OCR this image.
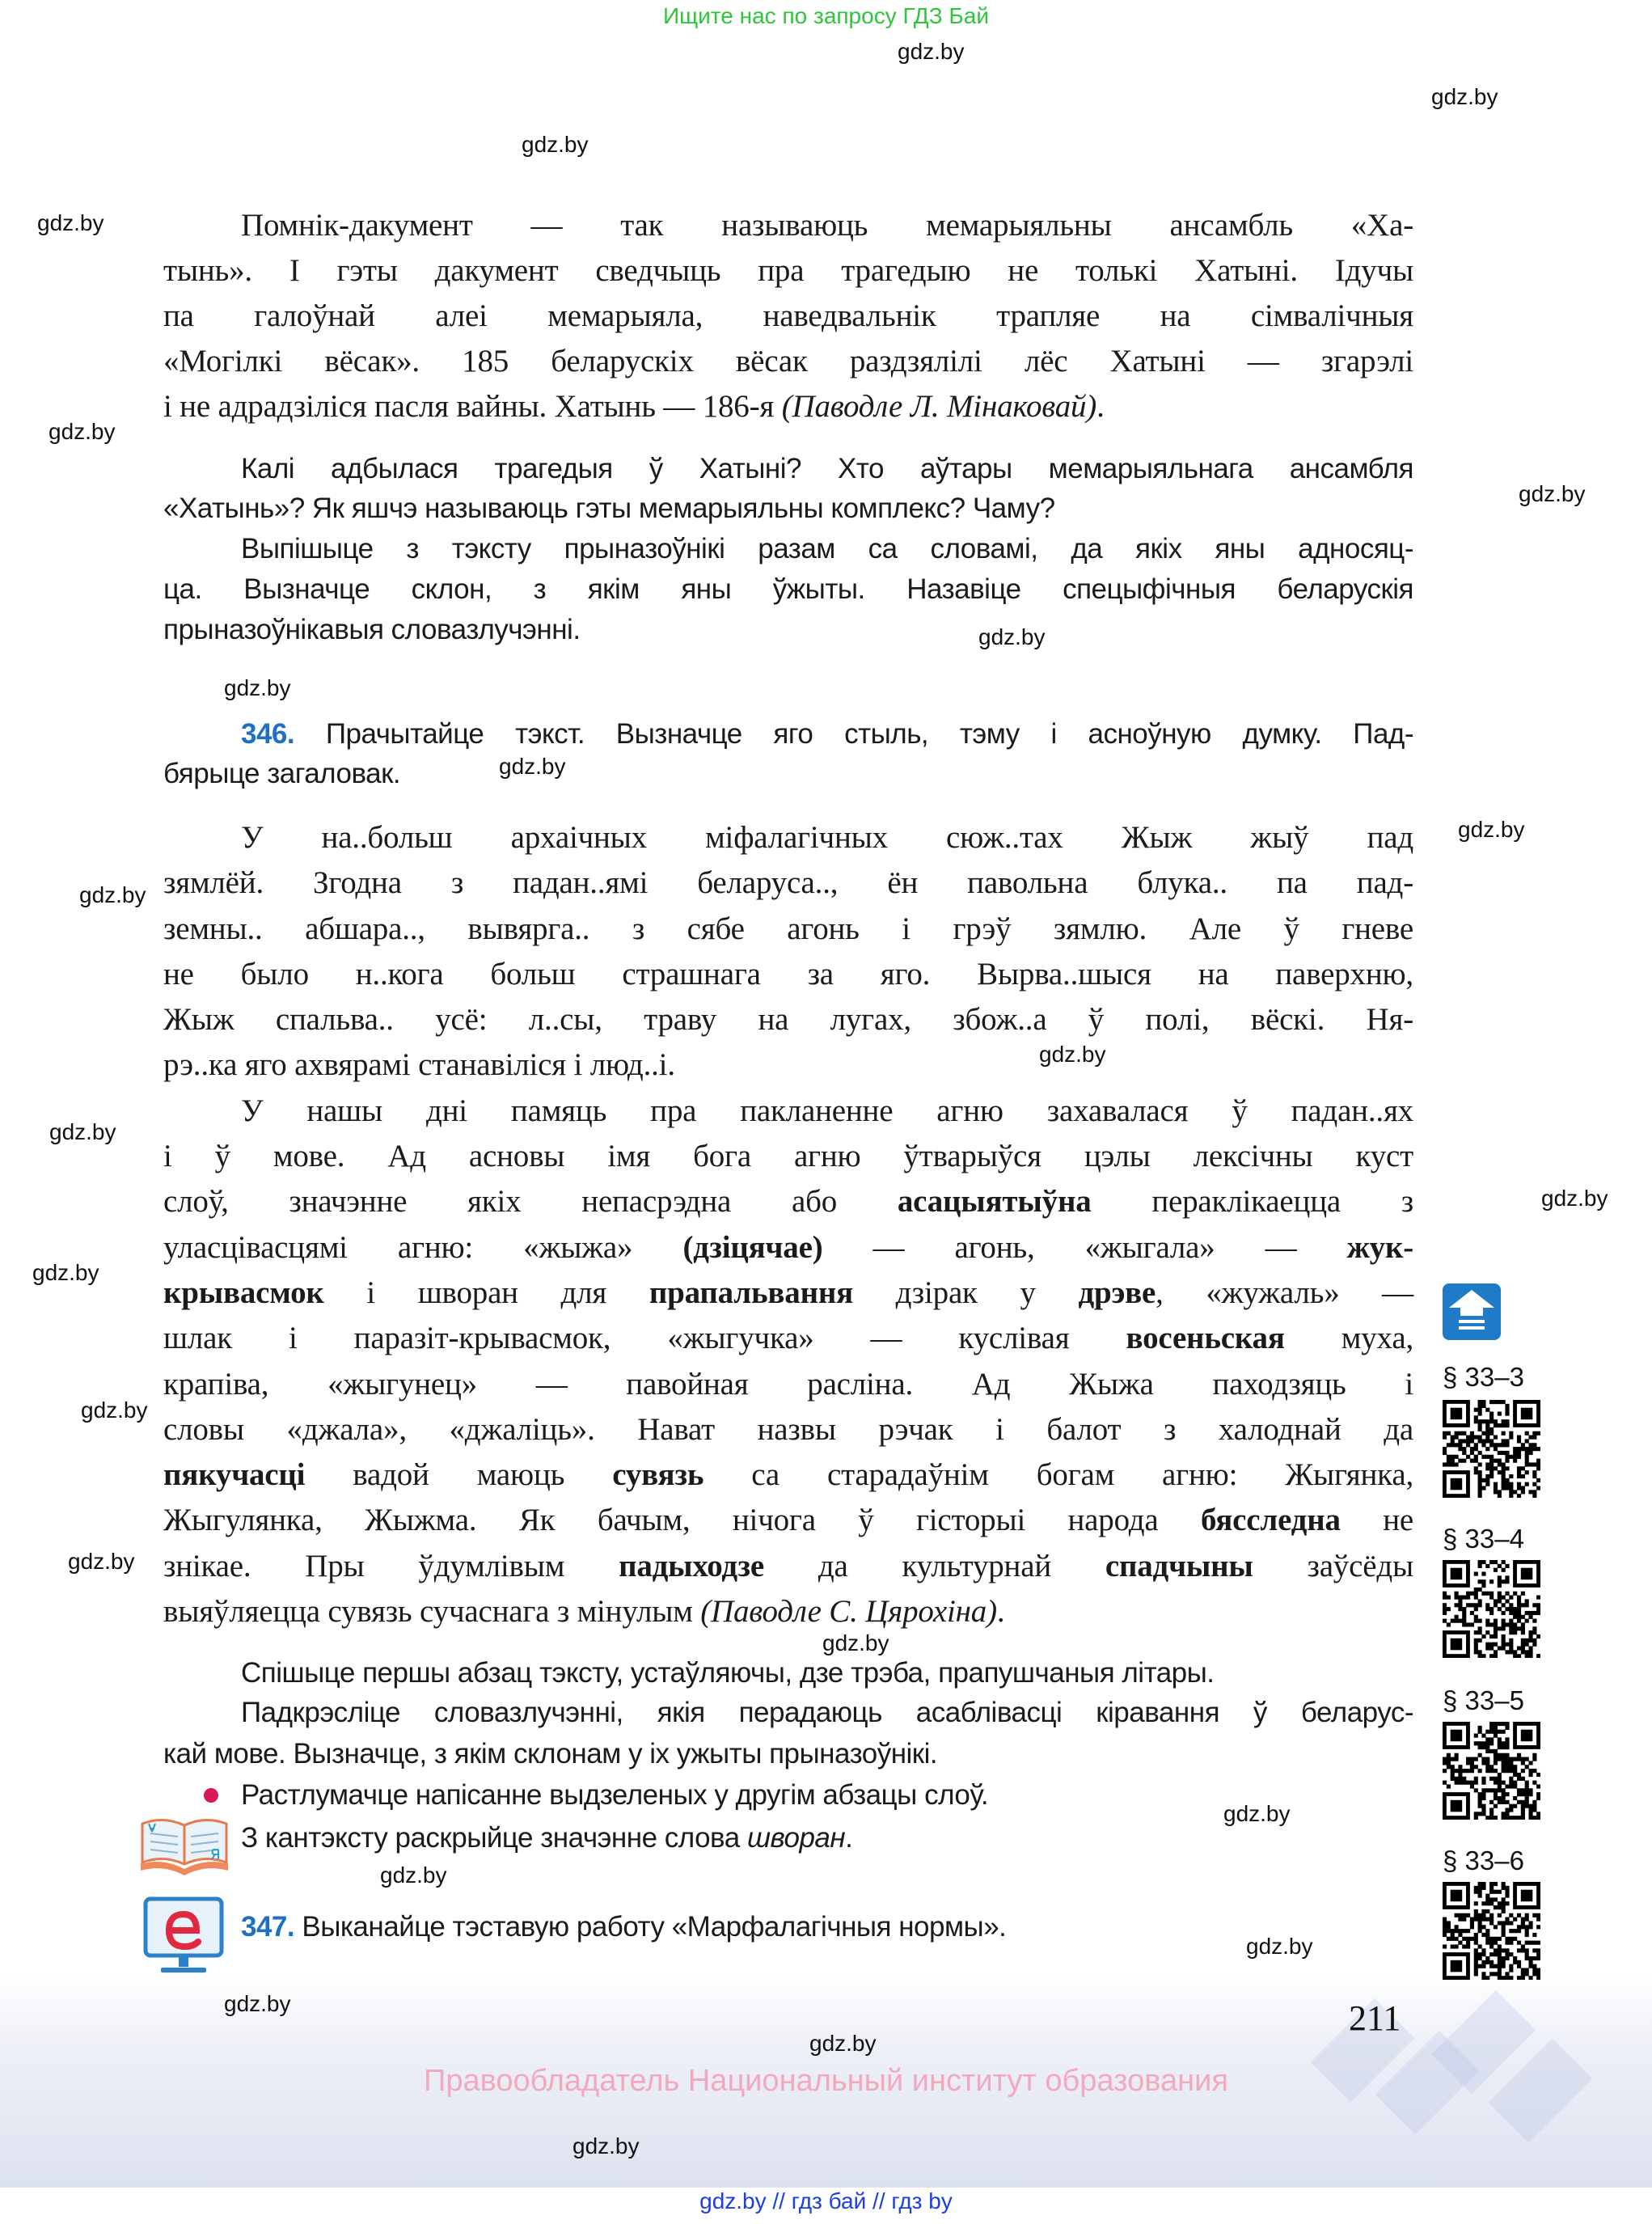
Ищите нас по запросу ГДЗ Бай
gdz.by
gdz.by
gdz.by
gdz.by
gdz.by
gdz.by
gdz.by
gdz.by
gdz.by
gdz.by
gdz.by
gdz.by
gdz.by
gdz.by
gdz.by
gdz.by
gdz.by
gdz.by
gdz.by
gdz.by
gdz.by
gdz.by
gdz.by
gdz.by
Помнік-дакумент — так называюць мемарыяльны ансамбль «Ха-
тынь». І гэты дакумент сведчыць пра трагедыю не толькі Хатыні. Ідучы
па галоўнай алеі мемарыяла, наведвальнік трапляе на сімвалічныя
«Могілкі вёсак». 185 беларускіх вёсак раздзялілі лёс Хатыні — згарэлі
і не адрадзіліся пасля вайны. Хатынь — 186-я (Паводле Л. Мінаковай).
Калі адбылася трагедыя ў Хатыні? Хто аўтары мемарыяльнага ансамбля
«Хатынь»? Як яшчэ называюць гэты мемарыяльны комплекс? Чаму?
Выпішыце з тэксту прыназоўнікі разам са словамі, да якіх яны адносяц-
ца. Вызначце склон, з якім яны ўжыты. Назавіце спецыфічныя беларускія
прыназоўнікавыя словазлучэнні.
346. Прачытайце тэкст. Вызначце яго стыль, тэму і асноўную думку. Пад-
бярыце загаловак.
У на..больш архаічных міфалагічных сюж..тах Жыж жыў пад
зямлёй. Згодна з падан..ямі беларуса.., ён павольна блука.. па пад-
земны.. абшара.., вывярга.. з сябе агонь і грэў зямлю. Але ў гневе
не было н..кога больш страшнага за яго. Вырва..шыся на паверхню,
Жыж спальва.. усё: л..сы, траву на лугах, збож..а ў полі, вёскі. Ня-
рэ..ка яго ахвярамі станавіліся і люд..і.
У нашы дні памяць пра пакланенне агню захавалася ў падан..ях
і ў мове. Ад асновы імя бога агню ўтварыўся цэлы лексічны куст
слоў, значэнне якіх непасрэдна або асацыятыўна пераклікаецца з
уласцівасцямі агню: «жыжа» (дзіцячае) — агонь, «жыгала» — жук-
крывасмок і шворан для прапальвання дзірак у дрэве, «жужаль» —
шлак і паразіт-крывасмок, «жыгучка» — куслівая восеньская муха,
крапіва, «жыгунец» — павойная расліна. Ад Жыжа паходзяць і
словы «джала», «джаліць». Нават назвы рэчак і балот з халоднай да
пякучасці вадой маюць сувязь са старадаўнім богам агню: Жыгянка,
Жыгулянка, Жыжма. Як бачым, нічога ў гісторыі народа бясследна не
знікае. Пры ўдумлівым падыходзе да культурнай спадчыны заўсёды
выяўляецца сувязь сучаснага з мінулым (Паводле С. Цярохіна).
Спішыце першы абзац тэксту, устаўляючы, дзе трэба, прапушчаныя літары.
Падкрэсліце словазлучэнні, якія перадаюць асаблівасці кіравання ў беларус-
кай мове. Вызначце, з якім склонам у іх ужыты прыназоўнікі.
Растлумачце напісанне выдзеленых у другім абзацы слоў.
З кантэксту раскрыйце значэнне слова шворан.
347. Выканайце тэставую работу «Марфалагічныя нормы».
§ 33–3
§ 33–4
§ 33–5
§ 33–6
211
Правообладатель Национальный институт образования
gdz.by // гдз бай // гдз by
